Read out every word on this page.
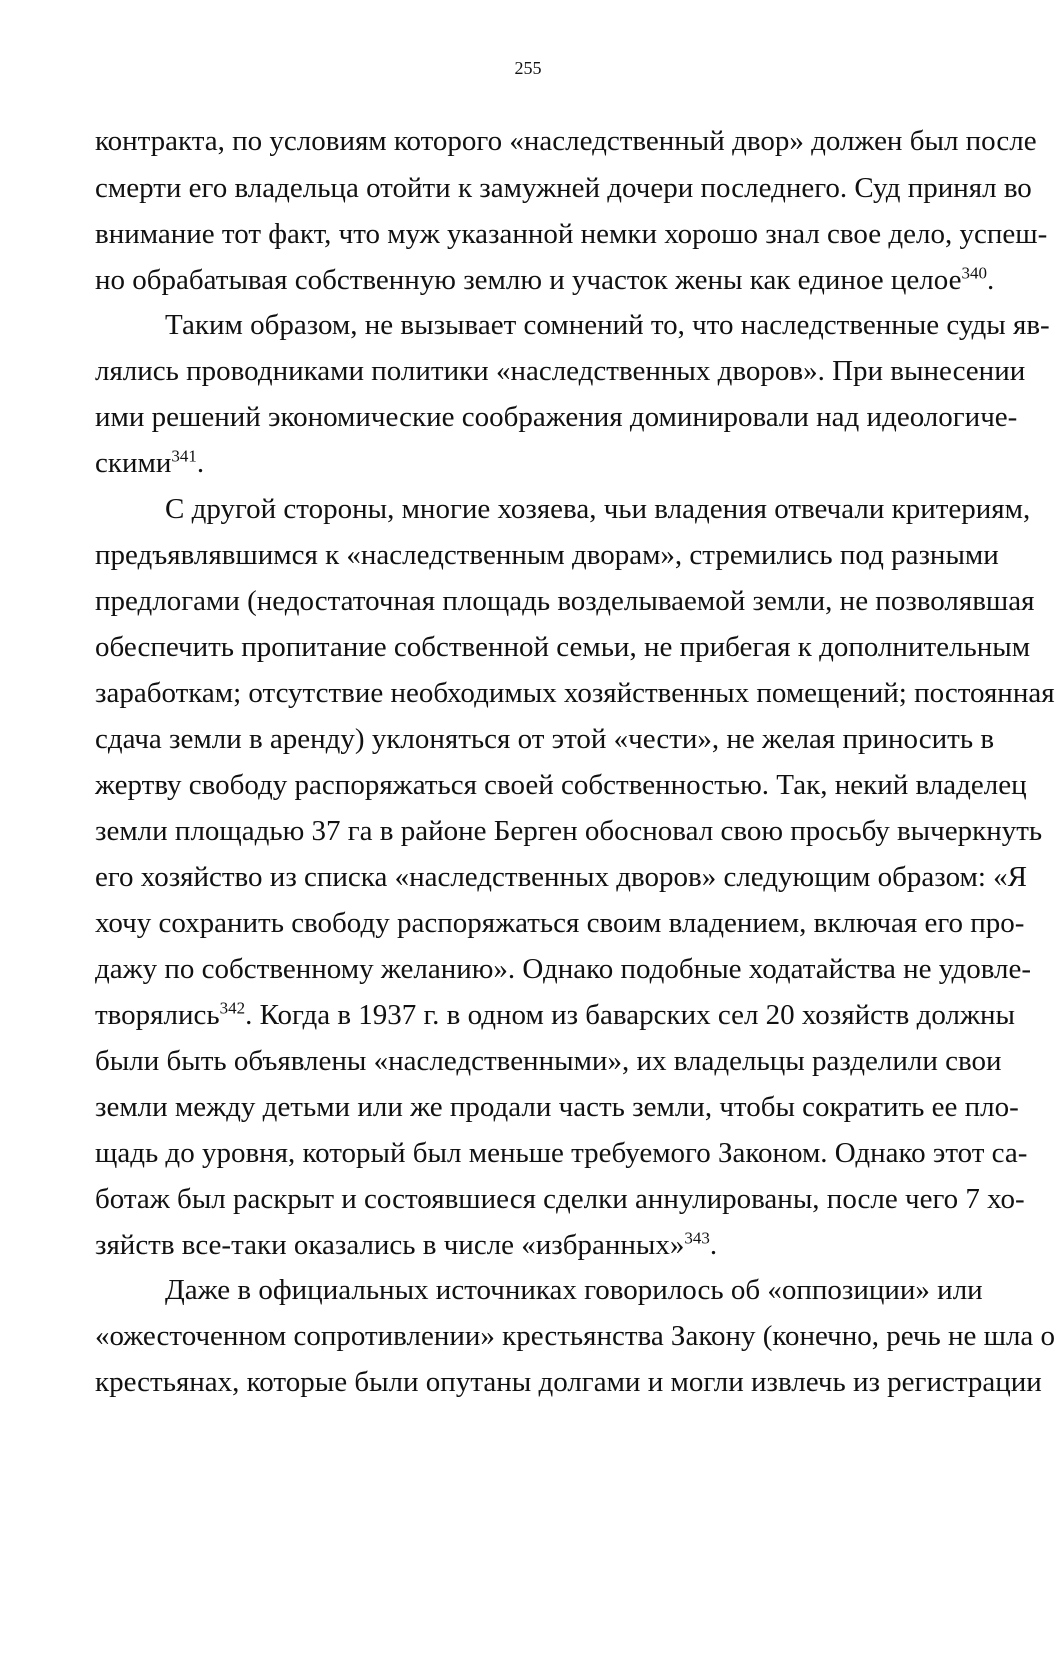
255
контракта, по условиям которого «наследственный двор» должен был после
смерти его владельца отойти к замужней дочери последнего. Суд принял во
внимание тот факт, что муж указанной немки хорошо знал свое дело, успеш-
но обрабатывая собственную землю и участок жены как единое целое$^{340}$.
Таким образом, не вызывает сомнений то, что наследственные суды яв-
лялись проводниками политики «наследственных дворов». При вынесении
ими решений экономические соображения доминировали над идеологиче-
скими$^{341}$.
С другой стороны, многие хозяева, чьи владения отвечали критериям,
предъявлявшимся к «наследственным дворам», стремились под разными
предлогами (недостаточная площадь возделываемой земли, не позволявшая
обеспечить пропитание собственной семьи, не прибегая к дополнительным
заработкам; отсутствие необходимых хозяйственных помещений; постоянная
сдача земли в аренду) уклоняться от этой «чести», не желая приносить в
жертву свободу распоряжаться своей собственностью. Так, некий владелец
земли площадью 37 га в районе Берген обосновал свою просьбу вычеркнуть
его хозяйство из списка «наследственных дворов» следующим образом: «Я
хочу сохранить свободу распоряжаться своим владением, включая его про-
дажу по собственному желанию». Однако подобные ходатайства не удовле-
творялись$^{342}$. Когда в 1937 г. в одном из баварских сел 20 хозяйств должны
были быть объявлены «наследственными», их владельцы разделили свои
земли между детьми или же продали часть земли, чтобы сократить ее пло-
щадь до уровня, который был меньше требуемого Законом. Однако этот са-
ботаж был раскрыт и состоявшиеся сделки аннулированы, после чего 7 хо-
зяйств все-таки оказались в числе «избранных»$^{343}$.
Даже в официальных источниках говорилось об «оппозиции» или
«ожесточенном сопротивлении» крестьянства Закону (конечно, речь не шла о
крестьянах, которые были опутаны долгами и могли извлечь из регистрации
